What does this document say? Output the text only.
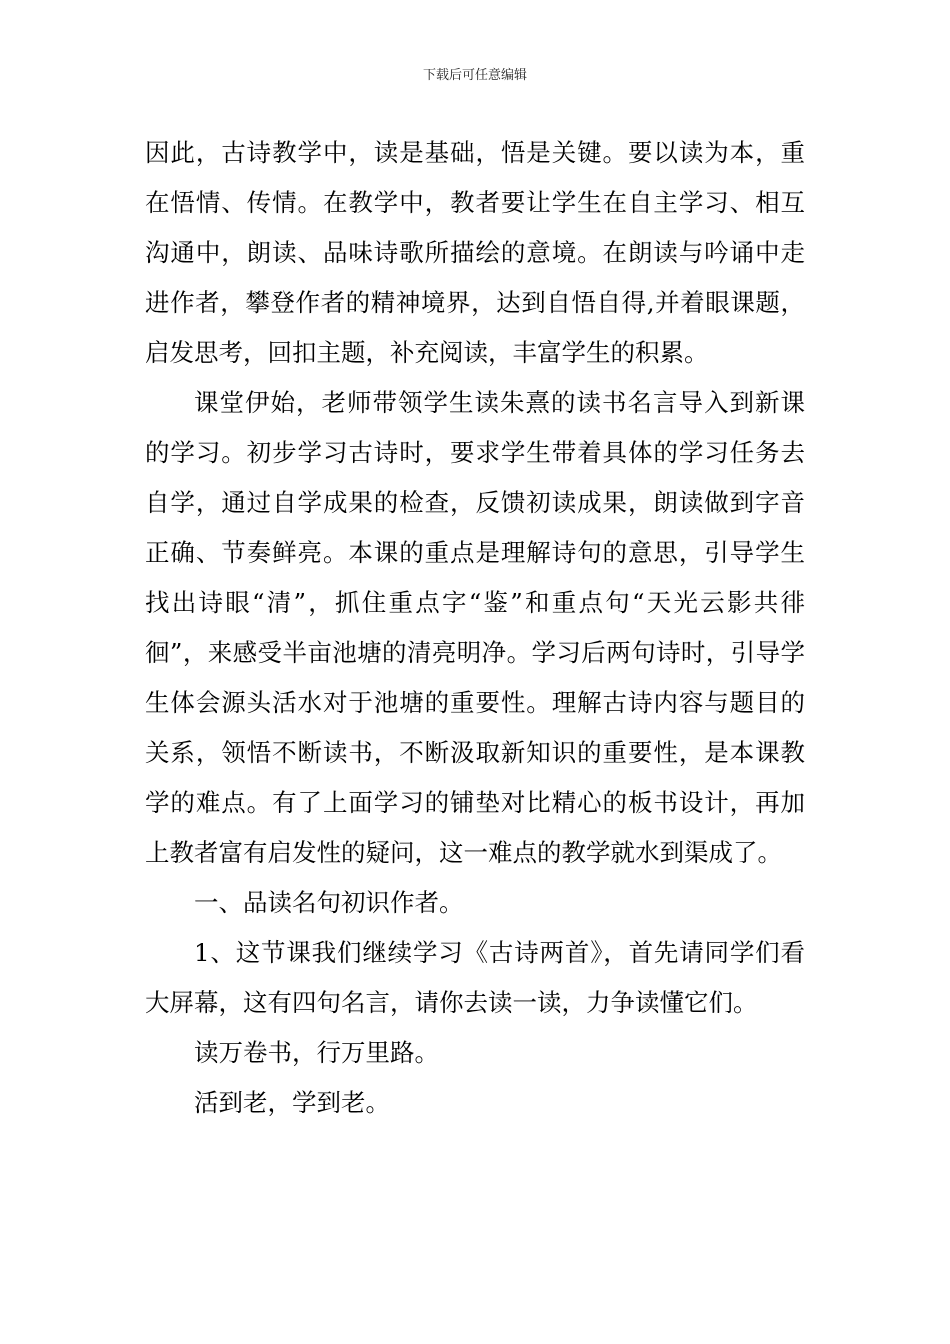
下载后可任意编辑

因此，古诗教学中，读是基础，悟是关键。要以读为本，重在悟情、传情。在教学中，教者要让学生在自主学习、相互沟通中，朗读、品味诗歌所描绘的意境。在朗读与吟诵中走进作者，攀登作者的精神境界，达到自悟自得,并着眼课题，启发思考，回扣主题，补充阅读，丰富学生的积累。

课堂伊始，老师带领学生读朱熹的读书名言导入到新课的学习。初步学习古诗时，要求学生带着具体的学习任务去自学，通过自学成果的检查，反馈初读成果，朗读做到字音正确、节奏鲜亮。本课的重点是理解诗句的意思，引导学生找出诗眼“清”，抓住重点字“鉴”和重点句“天光云影共徘徊”，来感受半亩池塘的清亮明净。学习后两句诗时，引导学生体会源头活水对于池塘的重要性。理解古诗内容与题目的关系，领悟不断读书，不断汲取新知识的重要性，是本课教学的难点。有了上面学习的铺垫对比精心的板书设计，再加上教者富有启发性的疑问，这一难点的教学就水到渠成了。

一、品读名句初识作者。

1、这节课我们继续学习《古诗两首》，首先请同学们看大屏幕，这有四句名言，请你去读一读，力争读懂它们。

读万卷书，行万里路。

活到老，学到老。
